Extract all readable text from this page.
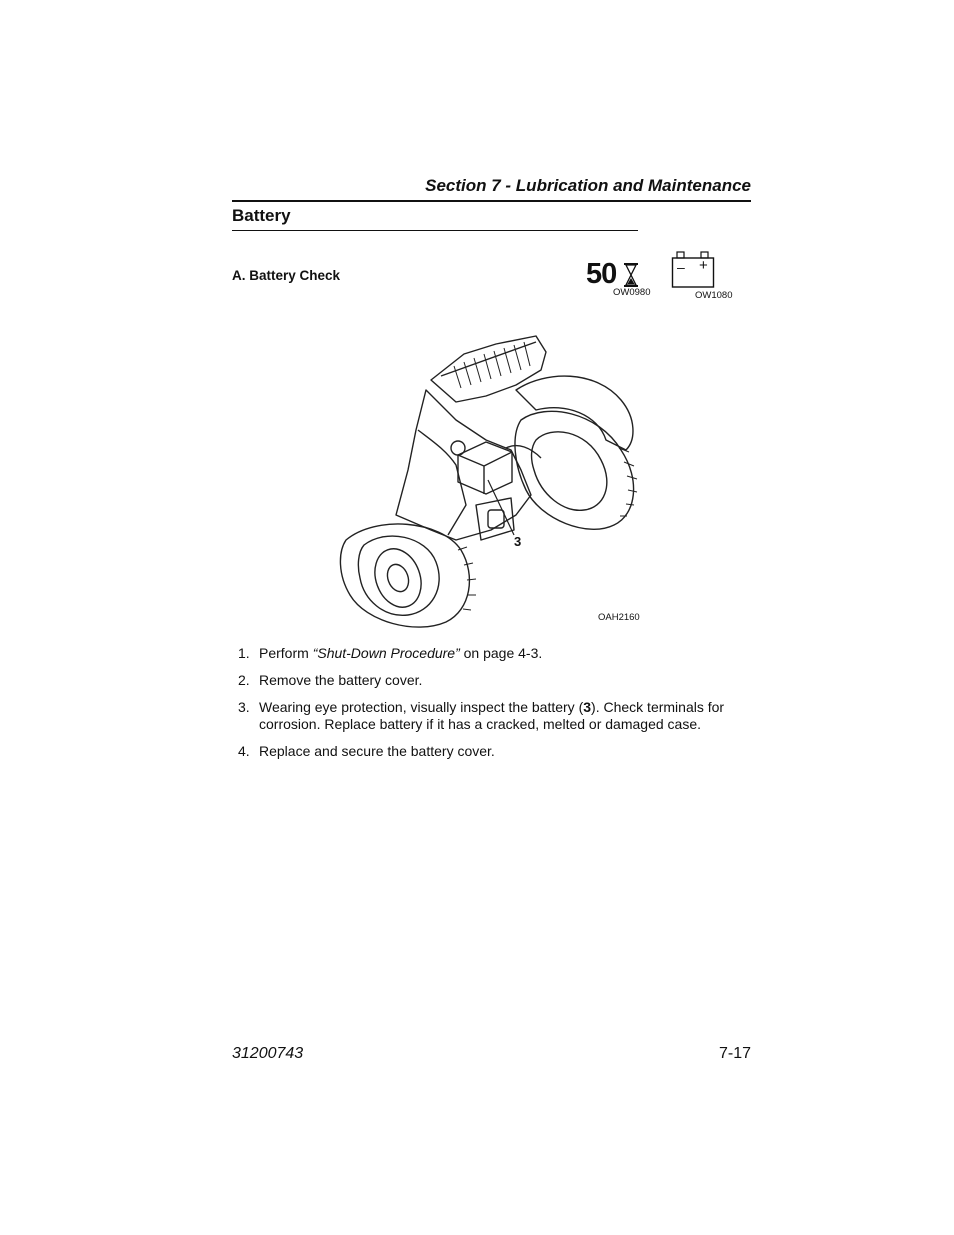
Section 7 - Lubrication and Maintenance
Battery
A. Battery Check	50
OW0980
– +
OW1080
3
OAH2160
1. Perform “Shut-Down Procedure” on page 4-3.
2. Remove the battery cover.
3. Wearing eye protection, visually inspect the battery (3). Check terminals for corrosion. Replace battery if it has a cracked, melted or damaged case.
4. Replace and secure the battery cover.
31200743	7-17
